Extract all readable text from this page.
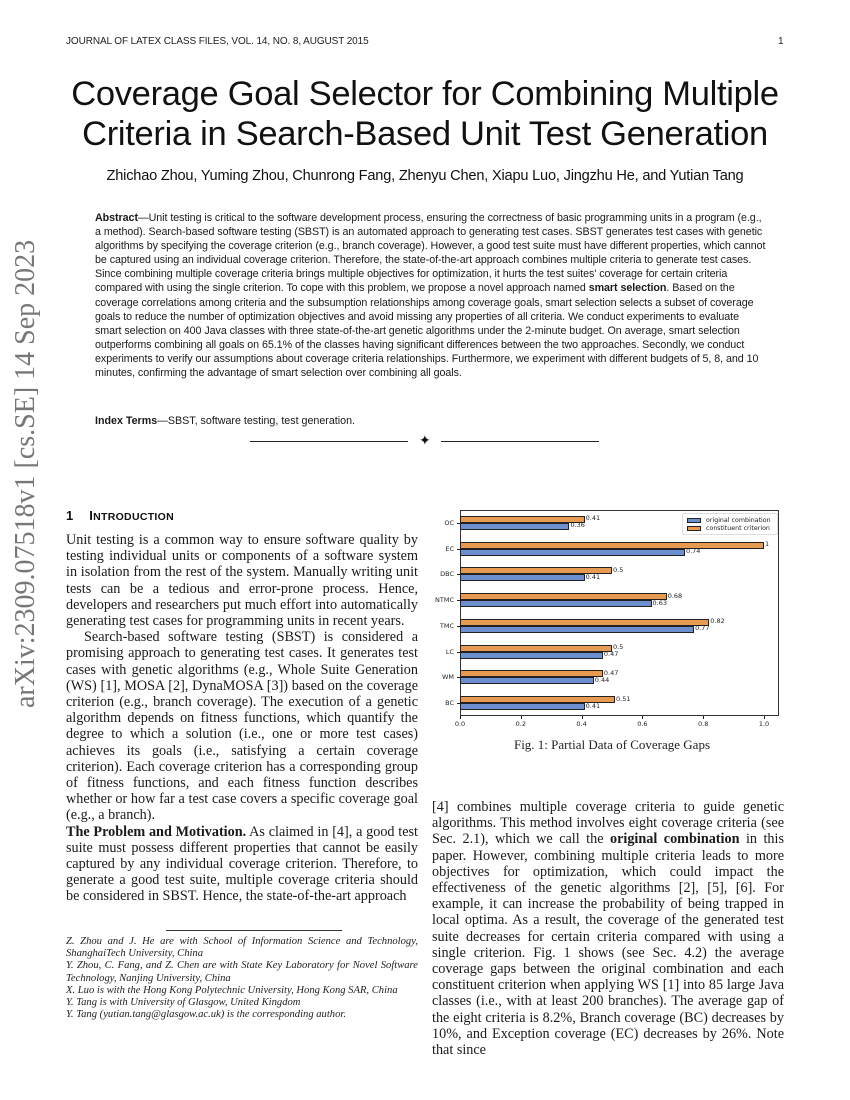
JOURNAL OF LATEX CLASS FILES, VOL. 14, NO. 8, AUGUST 2015	1
arXiv:2309.07518v1 [cs.SE] 14 Sep 2023
Coverage Goal Selector for Combining Multiple
Criteria in Search-Based Unit Test Generation
Zhichao Zhou, Yuming Zhou, Chunrong Fang, Zhenyu Chen, Xiapu Luo, Jingzhu He, and Yutian Tang
Abstract—Unit testing is critical to the software development process, ensuring the correctness of basic programming units in a program (e.g., a method). Search-based software testing (SBST) is an automated approach to generating test cases. SBST generates test cases with genetic algorithms by specifying the coverage criterion (e.g., branch coverage). However, a good test suite must have different properties, which cannot be captured using an individual coverage criterion. Therefore, the state-of-the-art approach combines multiple criteria to generate test cases. Since combining multiple coverage criteria brings multiple objectives for optimization, it hurts the test suites' coverage for certain criteria compared with using the single criterion. To cope with this problem, we propose a novel approach named smart selection. Based on the coverage correlations among criteria and the subsumption relationships among coverage goals, smart selection selects a subset of coverage goals to reduce the number of optimization objectives and avoid missing any properties of all criteria. We conduct experiments to evaluate smart selection on 400 Java classes with three state-of-the-art genetic algorithms under the 2-minute budget. On average, smart selection outperforms combining all goals on 65.1% of the classes having significant differences between the two approaches. Secondly, we conduct experiments to verify our assumptions about coverage criteria relationships. Furthermore, we experiment with different budgets of 5, 8, and 10 minutes, confirming the advantage of smart selection over combining all goals.
Index Terms—SBST, software testing, test generation.
✦
1 INTRODUCTION

Unit testing is a common way to ensure software quality by testing individual units or components of a software system in isolation from the rest of the system. Manually writing unit tests can be a tedious and error-prone process. Hence, developers and researchers put much effort into automatically generating test cases for programming units in recent years.

Search-based software testing (SBST) is considered a promising approach to generating test cases. It generates test cases with genetic algorithms (e.g., Whole Suite Generation (WS) [1], MOSA [2], DynaMOSA [3]) based on the coverage criterion (e.g., branch coverage). The execution of a genetic algorithm depends on fitness functions, which quantify the degree to which a solution (i.e., one or more test cases) achieves its goals (i.e., satisfying a certain coverage criterion). Each coverage criterion has a corresponding group of fitness functions, and each fitness function describes whether or how far a test case covers a specific coverage goal (e.g., a branch).

The Problem and Motivation. As claimed in [4], a good test suite must possess different properties that cannot be easily captured by any individual coverage criterion. Therefore, to generate a good test suite, multiple coverage criteria should be considered in SBST. Hence, the state-of-the-art approach

Z. Zhou and J. He are with School of Information Science and Technology, ShanghaiTech University, China

Y. Zhou, C. Fang, and Z. Chen are with State Key Laboratory for Novel Software Technology, Nanjing University, China

X. Luo is with the Hong Kong Polytechnic University, Hong Kong SAR, China

Y. Tang is with University of Glasgow, United Kingdom

Y. Tang (yutian.tang@glasgow.ac.uk) is the corresponding author.

original combination
constituent criterion
0.41
0.36
OC
1
0.74
EC
0.5
0.41
DBC
0.68
0.63
NTMC
0.82
0.77
TMC
0.5
0.47
LC
0.47
0.44
WM
0.51
0.41
BC
0.0	0.2	0.4	0.6	0.8	1.0
Fig. 1: Partial Data of Coverage Gaps

[4] combines multiple coverage criteria to guide genetic algorithms. This method involves eight coverage criteria (see Sec. 2.1), which we call the original combination in this paper. However, combining multiple criteria leads to more objectives for optimization, which could impact the effectiveness of the genetic algorithms [2], [5], [6]. For example, it can increase the probability of being trapped in local optima. As a result, the coverage of the generated test suite decreases for certain criteria compared with using a single criterion. Fig. 1 shows (see Sec. 4.2) the average coverage gaps between the original combination and each constituent criterion when applying WS [1] into 85 large Java classes (i.e., with at least 200 branches). The average gap of the eight criteria is 8.2%, Branch coverage (BC) decreases by 10%, and Exception coverage (EC) decreases by 26%. Note that since
